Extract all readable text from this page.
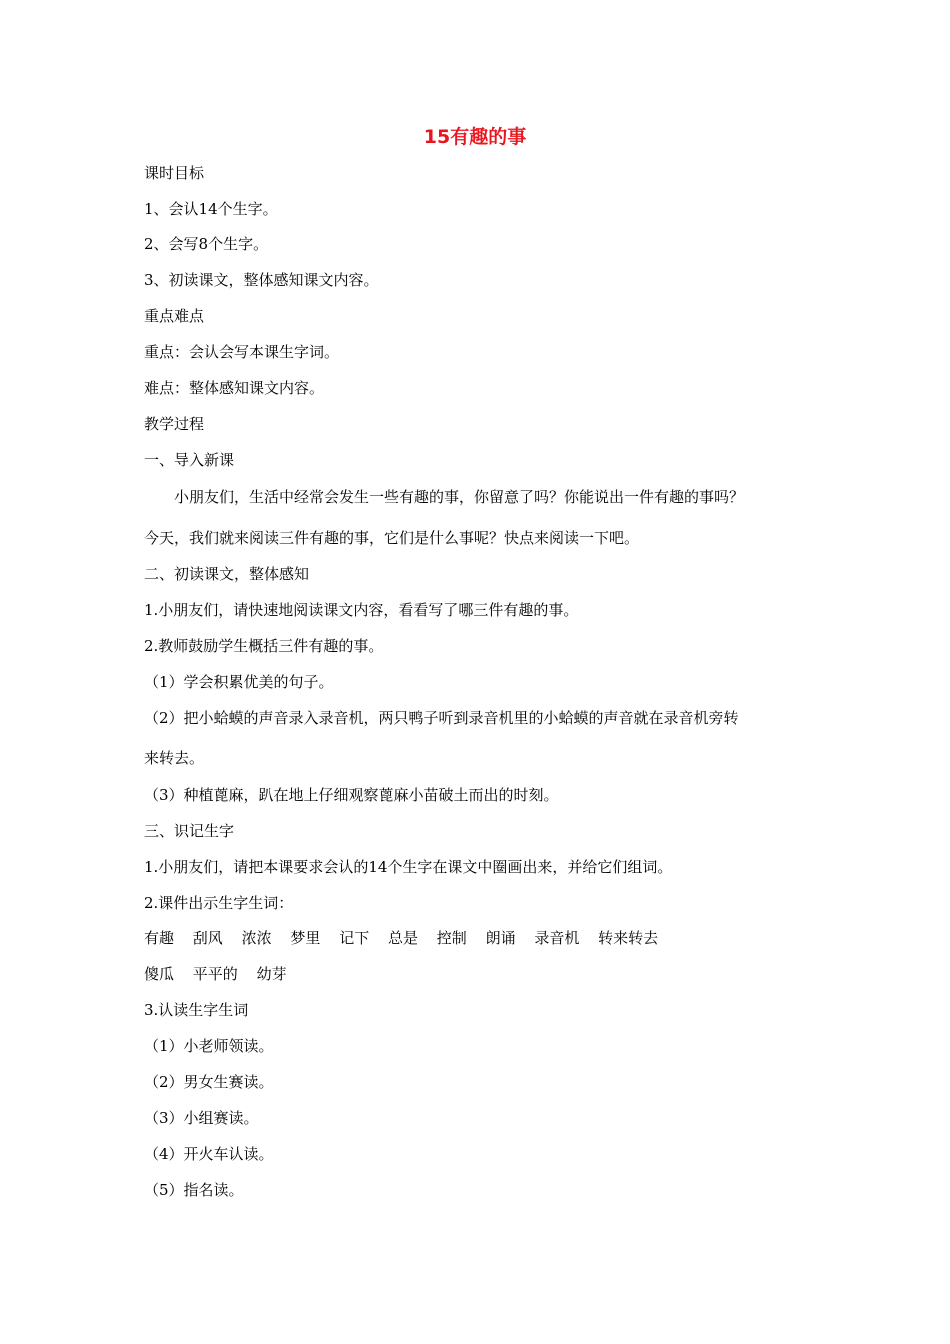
15有趣的事
课时目标
1、会认14个生字。
2、会写8个生字。
3、初读课文，整体感知课文内容。
重点难点
重点：会认会写本课生字词。
难点：整体感知课文内容。
教学过程
一、导入新课
小朋友们，生活中经常会发生一些有趣的事，你留意了吗？你能说出一件有趣的事吗？
今天，我们就来阅读三件有趣的事，它们是什么事呢？快点来阅读一下吧。
二、初读课文，整体感知
1.小朋友们，请快速地阅读课文内容，看看写了哪三件有趣的事。
2.教师鼓励学生概括三件有趣的事。
（1）学会积累优美的句子。
（2）把小蛤蟆的声音录入录音机，两只鸭子听到录音机里的小蛤蟆的声音就在录音机旁转
来转去。
（3）种植蓖麻，趴在地上仔细观察蓖麻小苗破土而出的时刻。
三、识记生字
1.小朋友们，请把本课要求会认的14个生字在课文中圈画出来，并给它们组词。
2.课件出示生字生词：
有趣 刮风 浓浓 梦里 记下 总是 控制 朗诵 录音机 转来转去
傻瓜 平平的 幼芽
3.认读生字生词
（1）小老师领读。
（2）男女生赛读。
（3）小组赛读。
（4）开火车认读。
（5）指名读。
